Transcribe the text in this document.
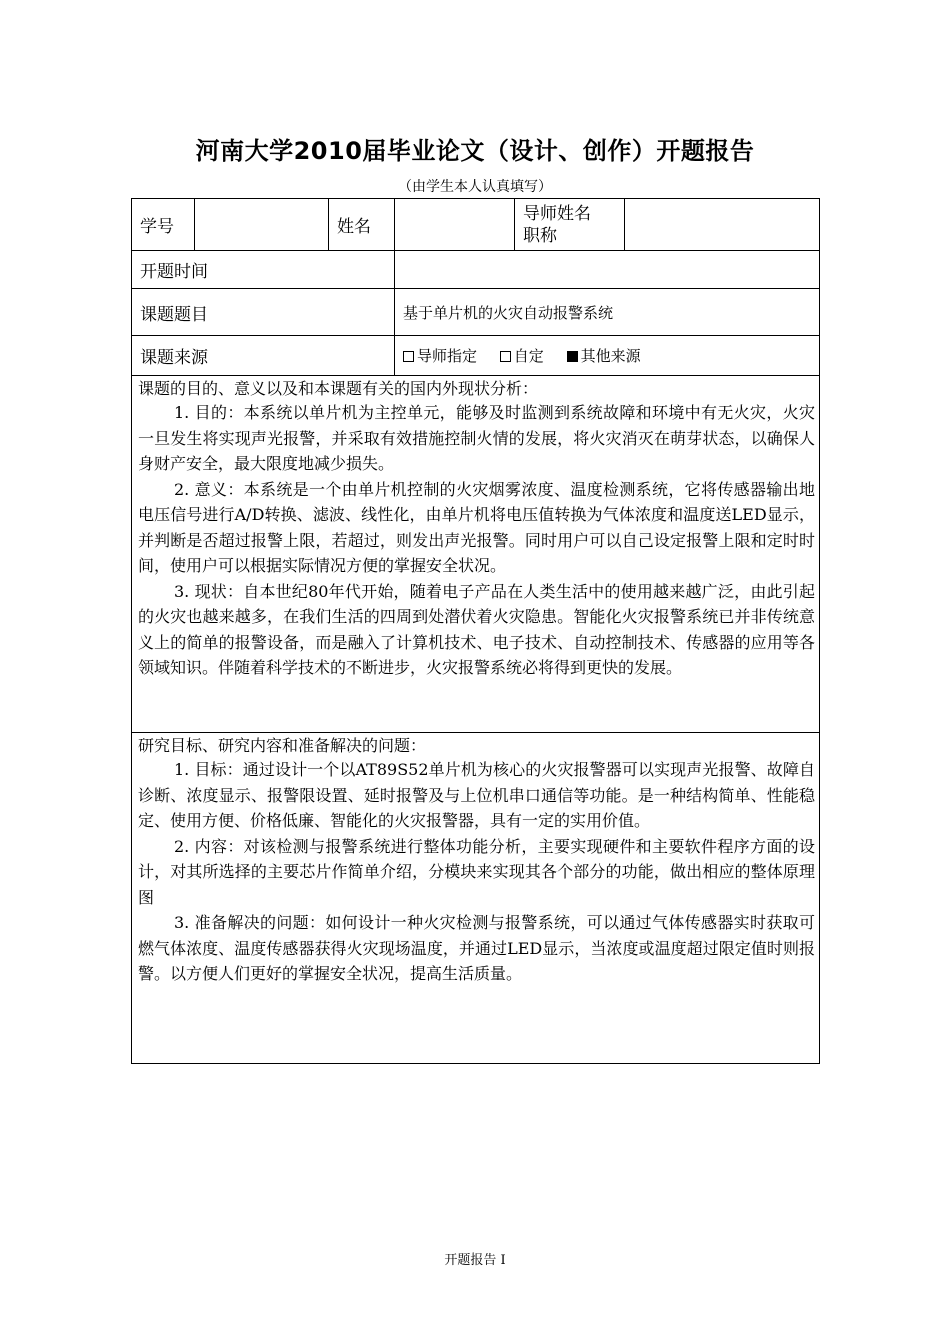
河南大学2010届毕业论文（设计、创作）开题报告
（由学生本人认真填写）
学号		姓名		导师姓名
职称	

开题时间					
课题题目			基于单片机的火灾自动报警系统		
课题来源			导师指定 自定 其他来源		

课题的目的、意义以及和本课题有关的国内外现状分析：

1. 目的：本系统以单片机为主控单元，能够及时监测到系统故障和环境中有无火灾，火灾一旦发生将实现声光报警，并采取有效措施控制火情的发展，将火灾消灭在萌芽状态，以确保人身财产安全，最大限度地减少损失。

2. 意义：本系统是一个由单片机控制的火灾烟雾浓度、温度检测系统，它将传感器输出地电压信号进行A/D转换、滤波、线性化，由单片机将电压值转换为气体浓度和温度送LED显示，并判断是否超过报警上限，若超过，则发出声光报警。同时用户可以自己设定报警上限和定时时间，使用户可以根据实际情况方便的掌握安全状况。

3. 现状：自本世纪80年代开始，随着电子产品在人类生活中的使用越来越广泛，由此引起的火灾也越来越多，在我们生活的四周到处潜伏着火灾隐患。智能化火灾报警系统已并非传统意义上的简单的报警设备，而是融入了计算机技术、电子技术、自动控制技术、传感器的应用等各领域知识。伴随着科学技术的不断进步，火灾报警系统必将得到更快的发展。					

研究目标、研究内容和准备解决的问题：

1. 目标：通过设计一个以AT89S52单片机为核心的火灾报警器可以实现声光报警、故障自诊断、浓度显示、报警限设置、延时报警及与上位机串口通信等功能。是一种结构简单、性能稳定、使用方便、价格低廉、智能化的火灾报警器，具有一定的实用价值。

2. 内容：对该检测与报警系统进行整体功能分析，主要实现硬件和主要软件程序方面的设计，对其所选择的主要芯片作简单介绍，分模块来实现其各个部分的功能，做出相应的整体原理图

3. 准备解决的问题：如何设计一种火灾检测与报警系统，可以通过气体传感器实时获取可燃气体浓度、温度传感器获得火灾现场温度，并通过LED显示，当浓度或温度超过限定值时则报警。以方便人们更好的掌握安全状况，提高生活质量。					

开题报告 I
